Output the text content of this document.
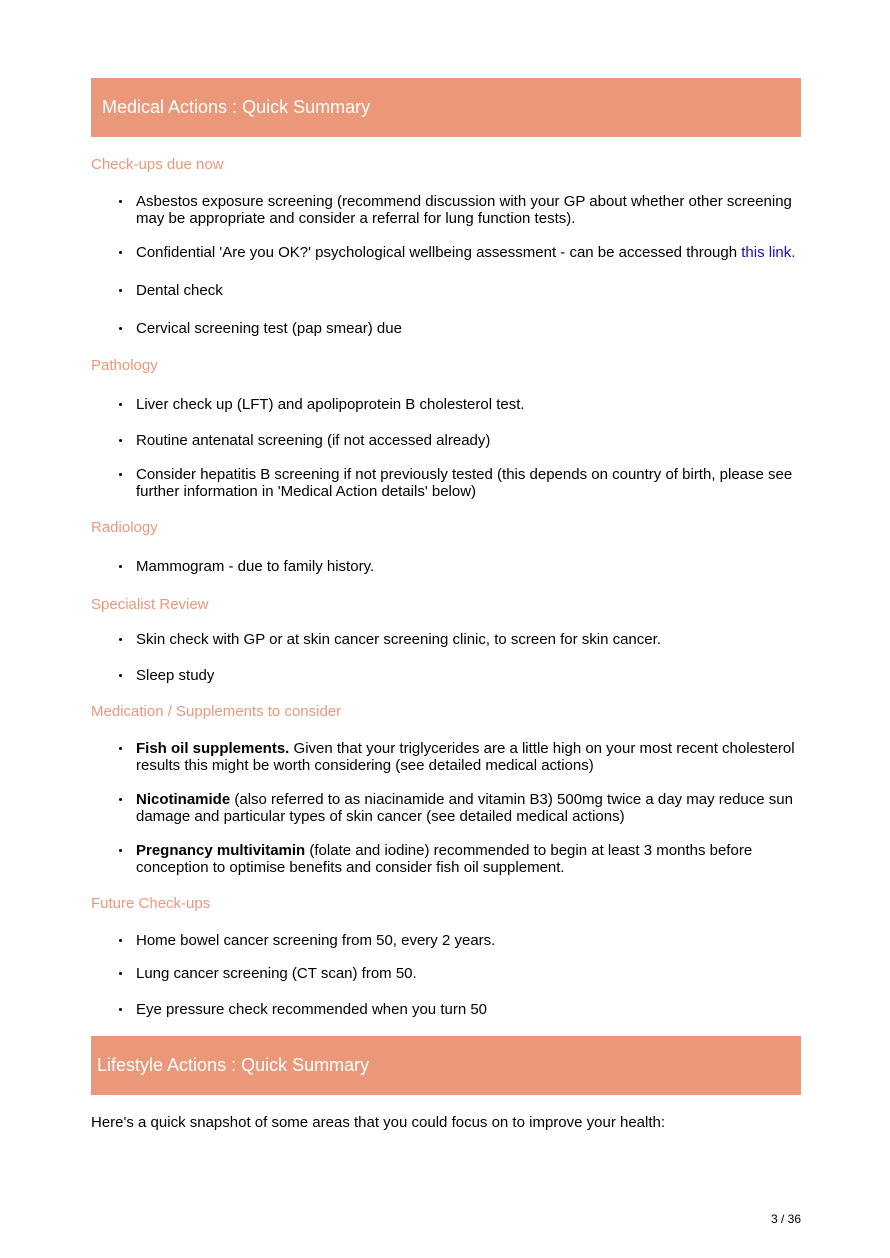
Medical Actions : Quick Summary
Check-ups due now
Asbestos exposure screening (recommend discussion with your GP about whether other screening may be appropriate and consider a referral for lung function tests).
Confidential 'Are you OK?' psychological wellbeing assessment - can be accessed through this link.
Dental check
Cervical screening test (pap smear) due
Pathology
Liver check up (LFT) and apolipoprotein B cholesterol test.
Routine antenatal screening (if not accessed already)
Consider hepatitis B screening if not previously tested (this depends on country of birth, please see further information in 'Medical Action details' below)
Radiology
Mammogram - due to family history.
Specialist Review
Skin check with GP or at skin cancer screening clinic, to screen for skin cancer.
Sleep study
Medication / Supplements to consider
Fish oil supplements. Given that your triglycerides are a little high on your most recent cholesterol results this might be worth considering (see detailed medical actions)
Nicotinamide (also referred to as niacinamide and vitamin B3) 500mg twice a day may reduce sun damage and particular types of skin cancer (see detailed medical actions)
Pregnancy multivitamin (folate and iodine) recommended to begin at least 3 months before conception to optimise benefits and consider fish oil supplement.
Future Check-ups
Home bowel cancer screening from 50, every 2 years.
Lung cancer screening (CT scan) from 50.
Eye pressure check recommended when you turn 50
Lifestyle Actions : Quick Summary
Here's a quick snapshot of some areas that you could focus on to improve your health:
3 / 36
